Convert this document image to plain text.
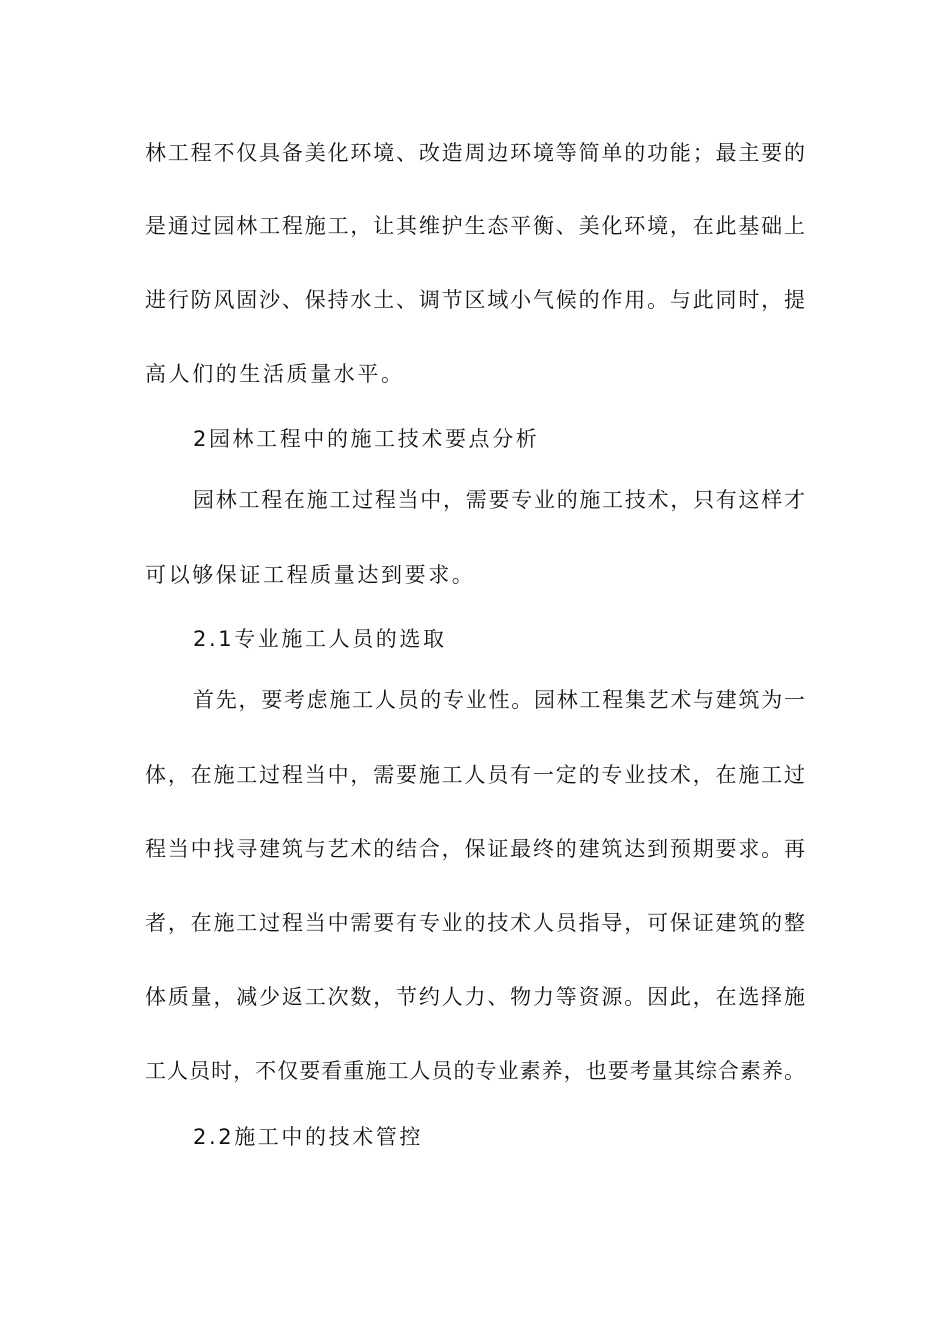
林工程不仅具备美化环境、改造周边环境等简单的功能；最主要的
是通过园林工程施工，让其维护生态平衡、美化环境，在此基础上
进行防风固沙、保持水土、调节区域小气候的作用。与此同时，提
高人们的生活质量水平。
2园林工程中的施工技术要点分析
园林工程在施工过程当中，需要专业的施工技术，只有这样才
可以够保证工程质量达到要求。
2.1专业施工人员的选取
首先，要考虑施工人员的专业性。园林工程集艺术与建筑为一
体，在施工过程当中，需要施工人员有一定的专业技术，在施工过
程当中找寻建筑与艺术的结合，保证最终的建筑达到预期要求。再
者，在施工过程当中需要有专业的技术人员指导，可保证建筑的整
体质量，减少返工次数，节约人力、物力等资源。因此，在选择施
工人员时，不仅要看重施工人员的专业素养，也要考量其综合素养。
2.2施工中的技术管控
